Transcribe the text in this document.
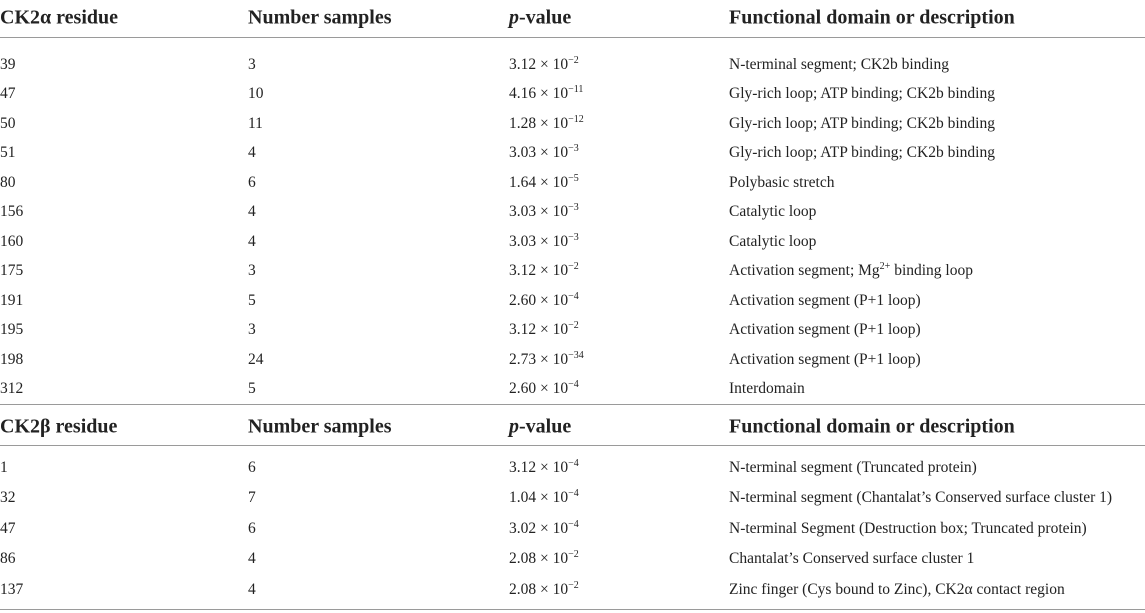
CK2α residue	Number samples	p-value	Functional domain or description
39	3	$3.12 \times 10^{-2}$	N-terminal segment; CK2b binding
47	10	$4.16 \times 10^{-11}$	Gly-rich loop; ATP binding; CK2b binding
50	11	$1.28 \times 10^{-12}$	Gly-rich loop; ATP binding; CK2b binding
51	4	$3.03 \times 10^{-3}$	Gly-rich loop; ATP binding; CK2b binding
80	6	$1.64 \times 10^{-5}$	Polybasic stretch
156	4	$3.03 \times 10^{-3}$	Catalytic loop
160	4	$3.03 \times 10^{-3}$	Catalytic loop
175	3	$3.12 \times 10^{-2}$	Activation segment; $Mg^{2+}$ binding loop
191	5	$2.60 \times 10^{-4}$	Activation segment (P+1 loop)
195	3	$3.12 \times 10^{-2}$	Activation segment (P+1 loop)
198	24	$2.73 \times 10^{-34}$	Activation segment (P+1 loop)
312	5	$2.60 \times 10^{-4}$	Interdomain
CK2β residue	Number samples	p-value	Functional domain or description
1	6	$3.12 \times 10^{-4}$	N-terminal segment (Truncated protein)
32	7	$1.04 \times 10^{-4}$	N-terminal segment (Chantalat’s Conserved surface cluster 1)
47	6	$3.02 \times 10^{-4}$	N-terminal Segment (Destruction box; Truncated protein)
86	4	$2.08 \times 10^{-2}$	Chantalat’s Conserved surface cluster 1
137	4	$2.08 \times 10^{-2}$	Zinc finger (Cys bound to Zinc), CK2α contact region
